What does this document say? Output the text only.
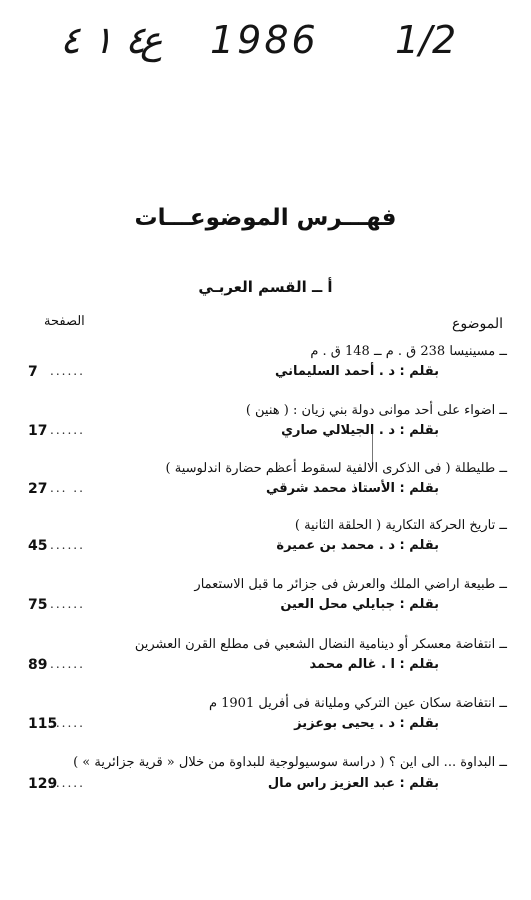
٤ ١ ٤
ع 1986 1/2
فهـــرس الموضوعـــات
أ ــ القسم العربـي
الموضوع
الصفحة
ــ مسينيسا 238 ق . م ــ 148 ق . م
بقلم : د . أحمد السليماني
......
7
ــ اضواء على أحد موانى دولة بني زيان : ( هنين )
بقلم : د . الجيلالي صاري
......
17
ــ طليطلة ( فى الذكرى الالفية لسقوط أعظم حضارة اندلوسية )
بقلم : الأستاذ محمد شرقي
... ..
27
ــ تاريخ الحركة التكارية ( الحلقة الثانية )
بقلم : د . محمد بن عميرة
......
45
ــ طبيعة اراضي الملك والعرش فى جزائر ما قبل الاستعمار
بقلم : جبايلي محل العين
......
75
ــ انتفاضة معسكر أو دينامية النضال الشعبي فى مطلع القرن العشرين
بقلم : ا . غالم محمد
......
89
ــ انتفاضة سكان عين التركي ومليانة فى أفريل 1901 م
بقلم : د . يحيى بوعزيز
......
115
ــ البداوة ... الى اين ؟ ( دراسة سوسيولوجية للبداوة من خلال « قرية جزائرية » )
بقلم : عبد العزيز راس مال
......
129
